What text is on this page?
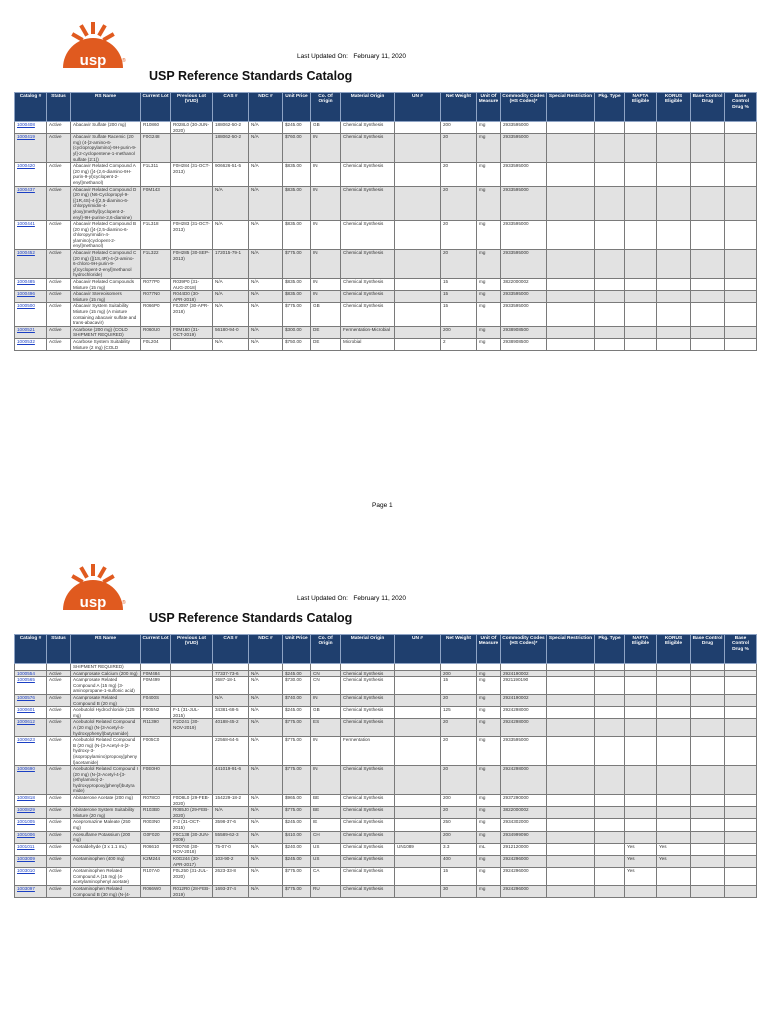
usp	®
Last Updated On: February 11, 2020
USP Reference Standards Catalog
Catalog #	Status	RS Name	Current Lot	Previous Lot (VUD)	CAS #	NDC #	Unit Price	Co. Of Origin	Material Origin	UN #	Net Weight	Unit Of Measure	Commodity Codes (HS Codes)*	Special Restriction	Pkg. Type	NAFTA Eligible	KORUS Eligible	Base Control Drug	Base Control Drug %
1000408	Active	Abacavir Sulfate (200 mg)	R10860	R028L0 (30-JUN-2020)	188062-50-2	N/A	$245.00	GB	Chemical Synthesis		200	mg	2933595000						
1000419	Active	Abacavir Sulfate Racemic (20 mg) (4-[2-amino-6-(cyclopropylamino)-9H-purin-9-yl]-2-cyclopentene-1-methanol sulfate (2:1))	F0G248		188062-50-2	N/A	$760.00	IN	Chemical Synthesis		20	mg	2933595000						
1000420	Active	Abacavir Related Compound A (20 mg) ([4-(2,6-diamino-9H-purin-9-yl)cyclopent-2-enyl]methanol)	F1L311	F0H284 (31-OCT-2013)	906626-51-5	N/A	$835.00	IN	Chemical Synthesis		20	mg	2933595000						
1000437	Active	Abacavir Related Compound D (20 mg) (N6-Cyclopropyl-9-{(1R,4S)-4-[(2,5-diamino-6-chlorpyrimidin-4-yloxy)methyl]cyclopent-2-enyl}-9H-purine-2,6-diamine)	F0M143		N/A	N/A	$835.00	IN	Chemical Synthesis		20	mg	2933595000						
1000441	Active	Abacavir Related Compound B (20 mg) ([4-(2,5-diamino-6-chloropyrimidin-4-ylamino)cyclopent-2-enyl]methanol)	F1L318	F0H283 (31-OCT-2013)	N/A	N/A	$835.00	IN	Chemical Synthesis		20	mg	2933595000						
1000452	Active	Abacavir Related Compound C (20 mg) ([(1S,4R)-4-(2-amino-6-chloro-9H-purin-9-yl)cyclopent-2-enyl]methanol hydrochloride)	F1L322	F0H285 (30-SEP-2013)	172015-79-1	N/A	$775.00	IN	Chemical Synthesis		20	mg	2933595000						
1000485	Active	Abacavir Related Compounds Mixture (15 mg)	R077P0	R039P0 (31-AUG-2018)	N/A	N/A	$835.00	IN	Chemical Synthesis		15	mg	3822000002						
1000496	Active	Abacavir Stereoisomers Mixture (15 mg)	R077N0	R044D0 (30-APR-2018)	N/A	N/A	$835.00	IN	Chemical Synthesis		15	mg	2933595000						
1000500	Active	Abacavir System Suitability Mixture (15 mg) (A mixture containing abacavir sulfate and trans-abacavir)	R066P0	F0J097 (30-APR-2018)	N/A	N/A	$775.00	GB	Chemical Synthesis		15	mg	2933595000						
1000521	Active	Acarbose (200 mg) (COLD SHIPMENT REQUIRED)	R060U0	F0M160 (31-OCT-2019)	56180-94-0	N/A	$300.00	DE	Fermentation-Microbial		200	mg	2938908500						
1000532	Active	Acarbose System Suitability Mixture (2 mg) (COLD	F0L204		N/A	N/A	$750.00	DE	Microbial		2	mg	2938908500						
Page 1
usp	®
Last Updated On: February 11, 2020
USP Reference Standards Catalog
Catalog #	Status	RS Name	Current Lot	Previous Lot (VUD)	CAS #	NDC #	Unit Price	Co. Of Origin	Material Origin	UN #	Net Weight	Unit Of Measure	Commodity Codes (HS Codes)*	Special Restriction	Pkg. Type	NAFTA Eligible	KORUS Eligible	Base Control Drug	Base Control Drug %
		SHIPMENT REQUIRED)																	
1000554	Active	Acamprosate Calcium (200 mg)	F0M484		77337-73-6	N/A	$245.00	CN	Chemical Synthesis		200	mg	2924190002						
1000565	Active	Acamprosate Related Compound A (15 mg) (3-aminopropane-1-sulfonic acid)	F0M499		3687-18-1	N/A	$730.00	CN	Chemical Synthesis		15	mg	2921190190						
1000576	Active	Acamprosate Related Compound B (20 mg)	F0400S		N/A	N/A	$740.00	IN	Chemical Synthesis		20	mg	2924190002						
1000601	Active	Acebutolol Hydrochloride (125 mg)	F005N2	F-1 (31-JUL-2015)	34381-68-5	N/A	$245.00	GB	Chemical Synthesis		125	mg	2924298000						
1000612	Active	Acebutolol Related Compound A (20 mg) (N-(3-Acetyl-4-hydroxyphenyl)butyramide)	R11390	F1D241 (30-NOV-2019)	40188-45-2	N/A	$775.00	ES	Chemical Synthesis		20	mg	2924298000						
1000623	Active	Acebutolol Related Compound B (20 mg) (N-{3-Acetyl-4-[2-hydroxy-3-(isopropylamino)propoxy]phenyl}acetamide)	F005C0		22568-64-5	N/A	$775.00	IN	Fermentation		20	mg	2933595000						
1000690	Active	Acebutolol Related Compound I (20 mg) (N-{3-Acetyl-4-[3-(ethylamino)-2-hydroxypropoxy]phenyl}butyramide)	F0E0H0		441019-91-6	N/A	$775.00	IN	Chemical Synthesis		20	mg	2924298000						
1000818	Active	Abiraterone Acetate (200 mg)	R078C0	F0D8L0 (29-FEB-2020)	154229-18-2	N/A	$965.00	BE	Chemical Synthesis		200	mg	2937290000						
1000829	Active	Abiraterone System Suitability Mixture (20 mg)	R103B0	R085J0 (29-FEB-2020)	N/A	N/A	$775.00	BE	Chemical Synthesis		20	mg	3822000002						
1001005	Active	Acepromazine Maleate (250 mg)	R003N0	F-2 (31-OCT-2015)	3598-37-6	N/A	$245.00	IE	Chemical Synthesis		250	mg	2934302000						
1001006	Active	Acesulfame Potassium (200 mg)	G0F020	F0C138 (30-JUN-2009)	55589-62-3	N/A	$410.00	CH	Chemical Synthesis		200	mg	2934999090						
1001011	Active	Acetaldehyde (3 x 1.1 mL)	R06610	F0D760 (30-NOV-2018)	75-07-0	N/A	$240.00	US	Chemical Synthesis	UN1089	3.3	mL	2912120000			Yes	Yes		
1003009	Active	Acetaminophen (400 mg)	K2M244	K0G244 (30-APR-2017)	103-90-2	N/A	$245.00	US	Chemical Synthesis		400	mg	2924296000			Yes	Yes		
1003010	Active	Acetaminophen Related Compound A (15 mg) (4-acetylaminophenyl acetate)	R107A0	F0L250 (31-JUL-2020)	2623-33-8	N/A	$775.00	CA	Chemical Synthesis		15	mg	2924296000			Yes			
1003097	Active	Acetaminophen Related Compound B (30 mg) (N-(4-	R066W0	R012R0 (28-FEB-2019)	1693-37-4	N/A	$775.00	RU	Chemical Synthesis		30	mg	2924296000						
